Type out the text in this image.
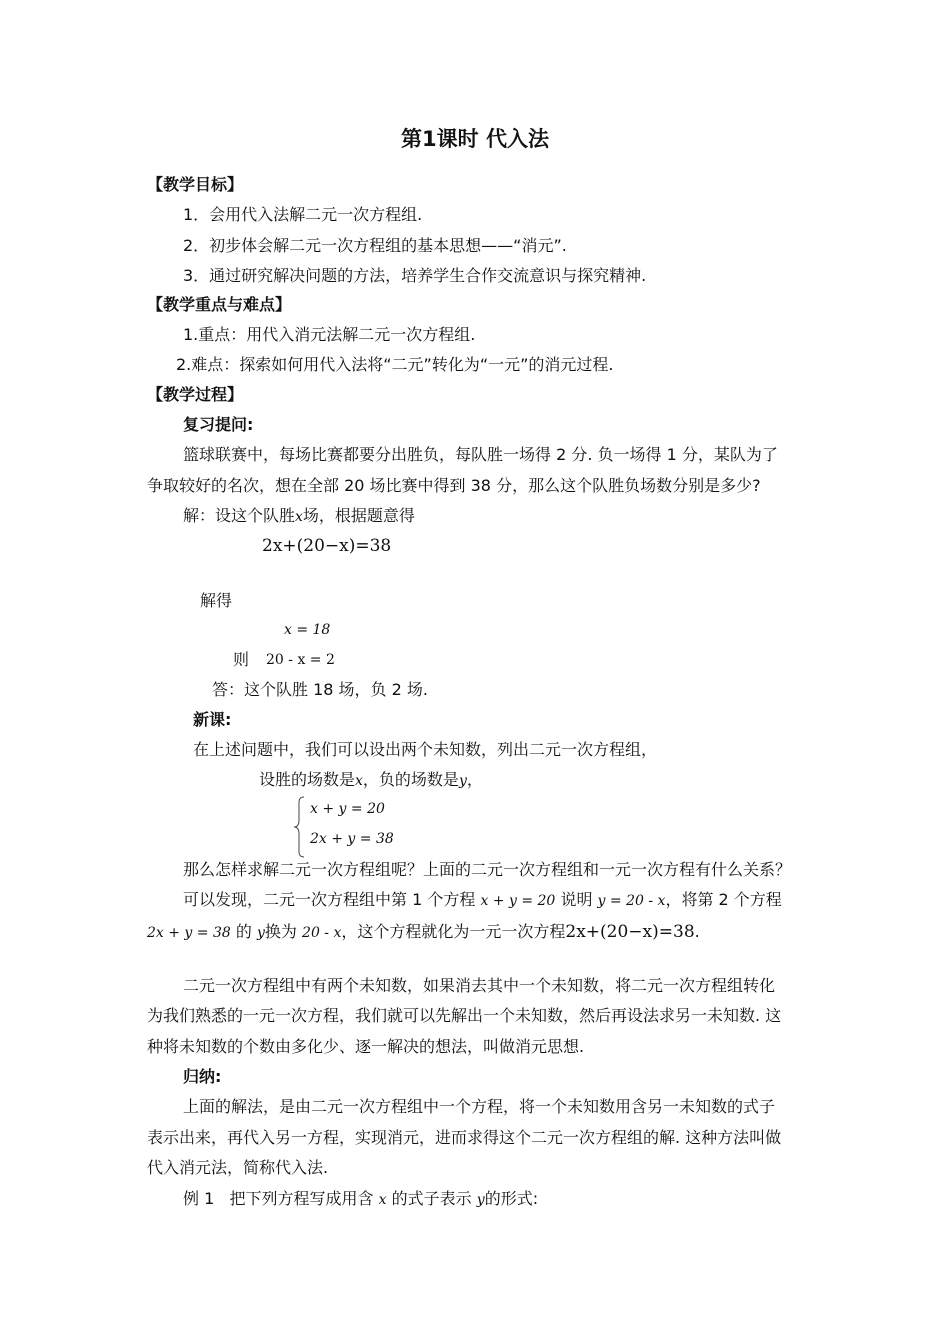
第1课时 代入法
【教学目标】
1．会用代入法解二元一次方程组.
2．初步体会解二元一次方程组的基本思想——“消元”.
3．通过研究解决问题的方法，培养学生合作交流意识与探究精神.
【教学重点与难点】
1.重点：用代入消元法解二元一次方程组.
2.难点：探索如何用代入法将“二元”转化为“一元”的消元过程.
【教学过程】
复习提问:
篮球联赛中，每场比赛都要分出胜负，每队胜一场得 2 分. 负一场得 1 分，某队为了
争取较好的名次，想在全部 20 场比赛中得到 38 分，那么这个队胜负场数分别是多少?
解：设这个队胜x场，根据题意得
2x+(20−x)=38
解得
x = 18
则 20 - x = 2
答：这个队胜 18 场，负 2 场.
新课:
在上述问题中，我们可以设出两个未知数，列出二元一次方程组，
设胜的场数是x，负的场数是y，
x + y = 20
2x + y = 38
那么怎样求解二元一次方程组呢？上面的二元一次方程组和一元一次方程有什么关系？
可以发现，二元一次方程组中第 1 个方程 x + y = 20 说明 y = 20 - x，将第 2 个方程
2x + y = 38 的 y换为 20 - x，这个方程就化为一元一次方程2x+(20−x)=38.
二元一次方程组中有两个未知数，如果消去其中一个未知数，将二元一次方程组转化
为我们熟悉的一元一次方程，我们就可以先解出一个未知数，然后再设法求另一未知数. 这
种将未知数的个数由多化少、逐一解决的想法，叫做消元思想.
归纳:
上面的解法，是由二元一次方程组中一个方程，将一个未知数用含另一未知数的式子
表示出来，再代入另一方程，实现消元，进而求得这个二元一次方程组的解. 这种方法叫做
代入消元法，简称代入法.
例 1 把下列方程写成用含 x 的式子表示 y的形式:
